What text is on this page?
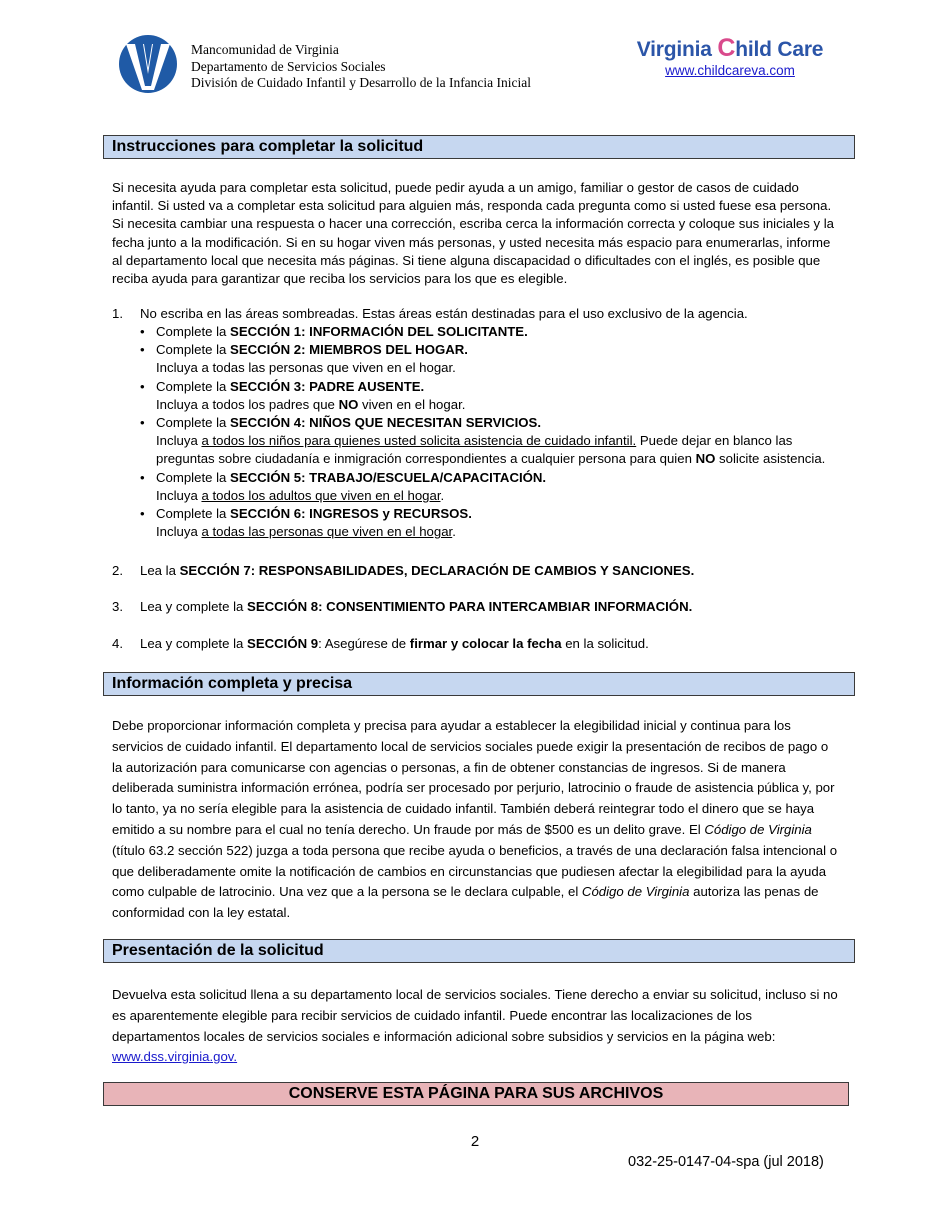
Mancomunidad de Virginia
Departamento de Servicios Sociales
División de Cuidado Infantil y Desarrollo de la Infancia Inicial
Virginia Child Care
www.childcareva.com
Instrucciones para completar la solicitud
Si necesita ayuda para completar esta solicitud, puede pedir ayuda a un amigo, familiar o gestor de casos de cuidado infantil. Si usted va a completar esta solicitud para alguien más, responda cada pregunta como si usted fuese esa persona. Si necesita cambiar una respuesta o hacer una corrección, escriba cerca la información correcta y coloque sus iniciales y la fecha junto a la modificación. Si en su hogar viven más personas, y usted necesita más espacio para enumerarlas, informe al departamento local que necesita más páginas. Si tiene alguna discapacidad o dificultades con el inglés, es posible que reciba ayuda para garantizar que reciba los servicios para los que es elegible.
1. No escriba en las áreas sombreadas. Estas áreas están destinadas para el uso exclusivo de la agencia.
• Complete la SECCIÓN 1: INFORMACIÓN DEL SOLICITANTE.
• Complete la SECCIÓN 2: MIEMBROS DEL HOGAR.
Incluya a todas las personas que viven en el hogar.
• Complete la SECCIÓN 3: PADRE AUSENTE.
Incluya a todos los padres que NO viven en el hogar.
• Complete la SECCIÓN 4: NIÑOS QUE NECESITAN SERVICIOS.
Incluya a todos los niños para quienes usted solicita asistencia de cuidado infantil. Puede dejar en blanco las preguntas sobre ciudadanía e inmigración correspondientes a cualquier persona para quien NO solicite asistencia.
• Complete la SECCIÓN 5: TRABAJO/ESCUELA/CAPACITACIÓN.
Incluya a todos los adultos que viven en el hogar.
• Complete la SECCIÓN 6: INGRESOS y RECURSOS.
Incluya a todas las personas que viven en el hogar.
2. Lea la SECCIÓN 7: RESPONSABILIDADES, DECLARACIÓN DE CAMBIOS Y SANCIONES.
3. Lea y complete la SECCIÓN 8: CONSENTIMIENTO PARA INTERCAMBIAR INFORMACIÓN.
4. Lea y complete la SECCIÓN 9: Asegúrese de firmar y colocar la fecha en la solicitud.
Información completa y precisa
Debe proporcionar información completa y precisa para ayudar a establecer la elegibilidad inicial y continua para los servicios de cuidado infantil. El departamento local de servicios sociales puede exigir la presentación de recibos de pago o la autorización para comunicarse con agencias o personas, a fin de obtener constancias de ingresos. Si de manera deliberada suministra información errónea, podría ser procesado por perjurio, latrocinio o fraude de asistencia pública y, por lo tanto, ya no sería elegible para la asistencia de cuidado infantil. También deberá reintegrar todo el dinero que se haya emitido a su nombre para el cual no tenía derecho. Un fraude por más de $500 es un delito grave. El Código de Virginia (título 63.2 sección 522) juzga a toda persona que recibe ayuda o beneficios, a través de una declaración falsa intencional o que deliberadamente omite la notificación de cambios en circunstancias que pudiesen afectar la elegibilidad para la ayuda como culpable de latrocinio. Una vez que a la persona se le declara culpable, el Código de Virginia autoriza las penas de conformidad con la ley estatal.
Presentación de la solicitud
Devuelva esta solicitud llena a su departamento local de servicios sociales. Tiene derecho a enviar su solicitud, incluso si no es aparentemente elegible para recibir servicios de cuidado infantil. Puede encontrar las localizaciones de los departamentos locales de servicios sociales e información adicional sobre subsidios y servicios en la página web: www.dss.virginia.gov.
CONSERVE ESTA PÁGINA PARA SUS ARCHIVOS
2
032-25-0147-04-spa (jul 2018)
